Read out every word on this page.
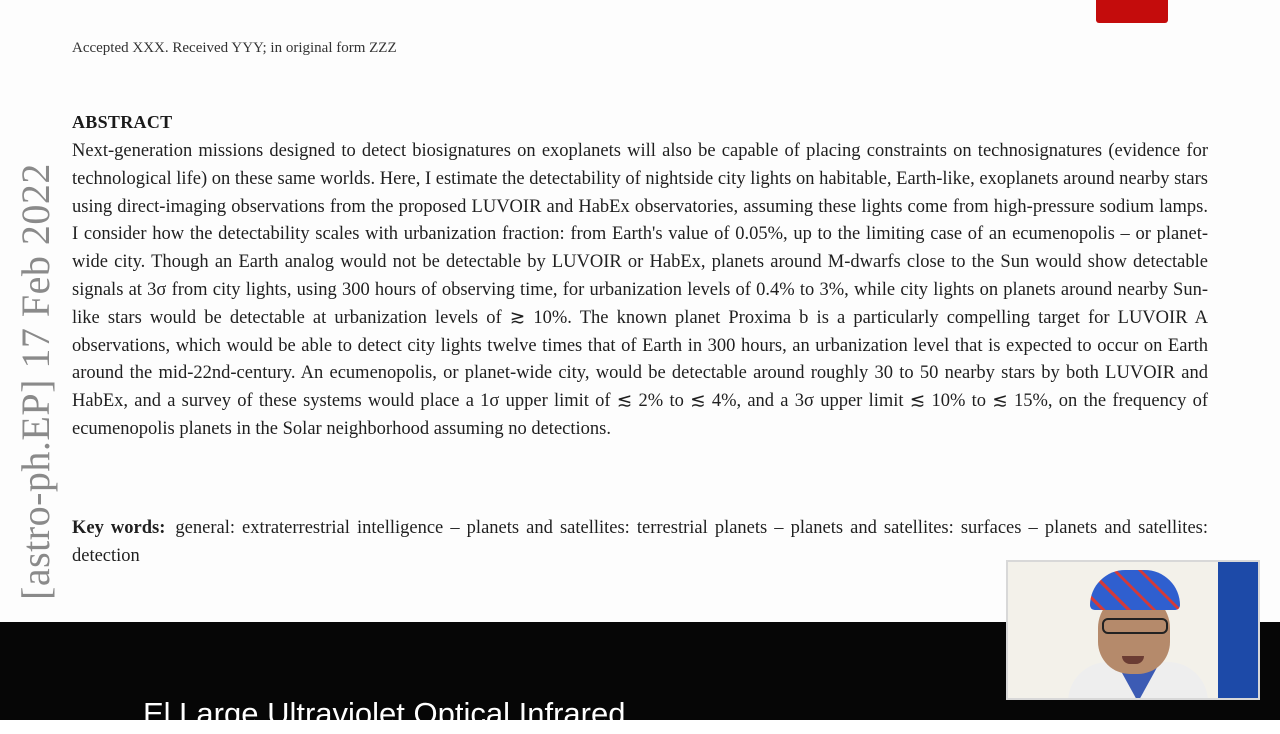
Accepted XXX. Received YYY; in original form ZZZ
[astro-ph.EP] 17 Feb 2022
ABSTRACT
Next-generation missions designed to detect biosignatures on exoplanets will also be capable of placing constraints on technosignatures (evidence for technological life) on these same worlds. Here, I estimate the detectability of nightside city lights on habitable, Earth-like, exoplanets around nearby stars using direct-imaging observations from the proposed LUVOIR and HabEx observatories, assuming these lights come from high-pressure sodium lamps. I consider how the detectability scales with urbanization fraction: from Earth's value of 0.05%, up to the limiting case of an ecumenopolis – or planet-wide city. Though an Earth analog would not be detectable by LUVOIR or HabEx, planets around M-dwarfs close to the Sun would show detectable signals at 3σ from city lights, using 300 hours of observing time, for urbanization levels of 0.4% to 3%, while city lights on planets around nearby Sun-like stars would be detectable at urbanization levels of ≳ 10%. The known planet Proxima b is a particularly compelling target for LUVOIR A observations, which would be able to detect city lights twelve times that of Earth in 300 hours, an urbanization level that is expected to occur on Earth around the mid-22nd-century. An ecumenopolis, or planet-wide city, would be detectable around roughly 30 to 50 nearby stars by both LUVOIR and HabEx, and a survey of these systems would place a 1σ upper limit of ≲ 2% to ≲ 4%, and a 3σ upper limit ≲ 10% to ≲ 15%, on the frequency of ecumenopolis planets in the Solar neighborhood assuming no detections.
Key words: general: extraterrestrial intelligence – planets and satellites: terrestrial planets – planets and satellites: surfaces – planets and satellites: detection
El Large Ultraviolet Optical Infrared
